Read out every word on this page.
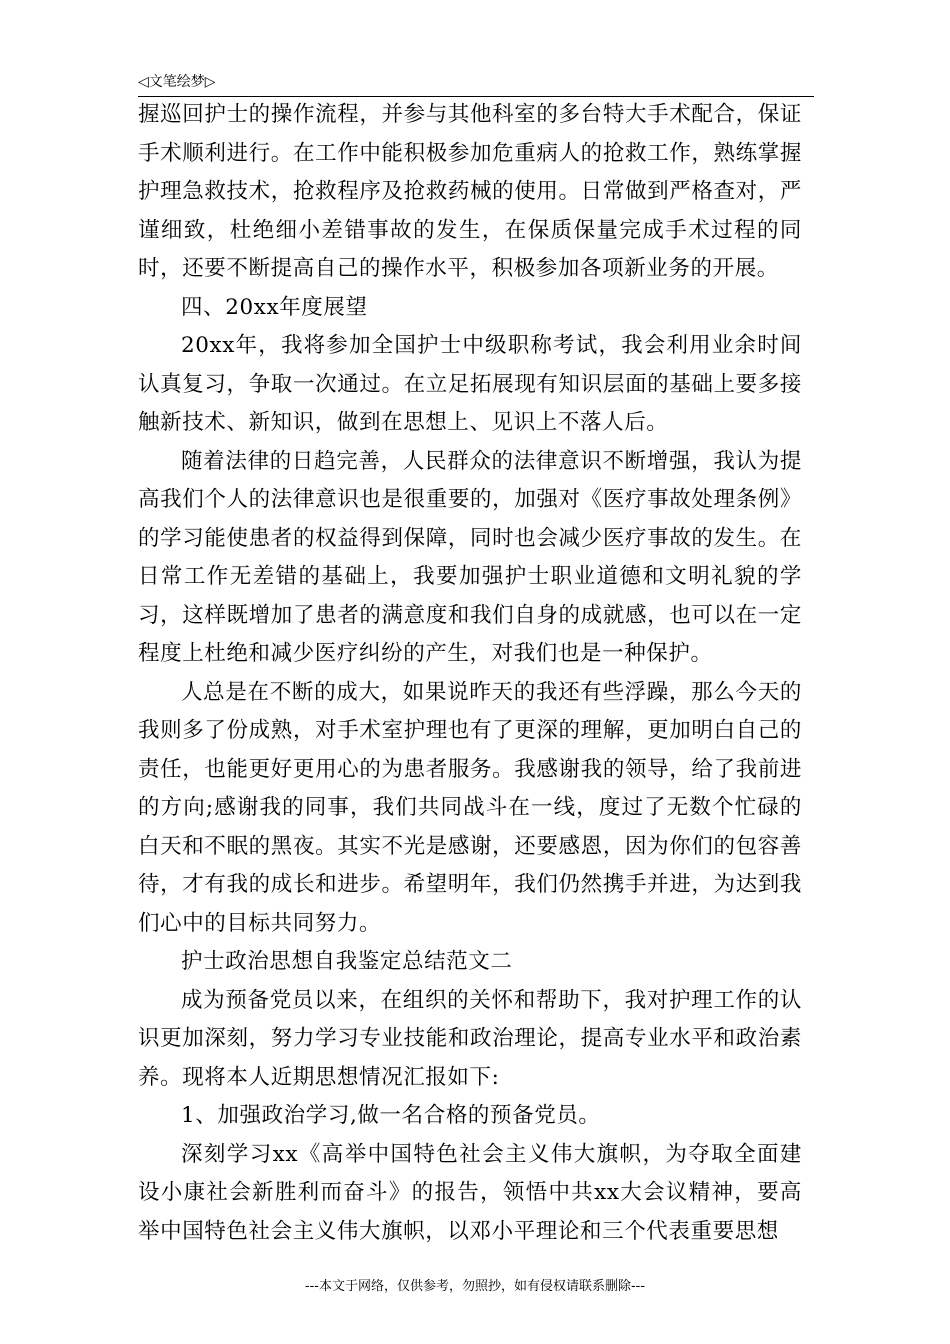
◁文笔绘梦▷

握巡回护士的操作流程，并参与其他科室的多台特大手术配合，保证手术顺利进行。在工作中能积极参加危重病人的抢救工作，熟练掌握护理急救技术，抢救程序及抢救药械的使用。日常做到严格查对，严谨细致，杜绝细小差错事故的发生，在保质保量完成手术过程的同时，还要不断提高自己的操作水平，积极参加各项新业务的开展。

四、20xx年度展望

20xx年，我将参加全国护士中级职称考试，我会利用业余时间认真复习，争取一次通过。在立足拓展现有知识层面的基础上要多接触新技术、新知识，做到在思想上、见识上不落人后。

随着法律的日趋完善，人民群众的法律意识不断增强，我认为提高我们个人的法律意识也是很重要的，加强对《医疗事故处理条例》的学习能使患者的权益得到保障，同时也会减少医疗事故的发生。在日常工作无差错的基础上，我要加强护士职业道德和文明礼貌的学习，这样既增加了患者的满意度和我们自身的成就感，也可以在一定程度上杜绝和减少医疗纠纷的产生，对我们也是一种保护。

人总是在不断的成大，如果说昨天的我还有些浮躁，那么今天的我则多了份成熟，对手术室护理也有了更深的理解，更加明白自己的责任，也能更好更用心的为患者服务。我感谢我的领导，给了我前进的方向;感谢我的同事，我们共同战斗在一线，度过了无数个忙碌的白天和不眠的黑夜。其实不光是感谢，还要感恩，因为你们的包容善待，才有我的成长和进步。希望明年，我们仍然携手并进，为达到我们心中的目标共同努力。

护士政治思想自我鉴定总结范文二

成为预备党员以来，在组织的关怀和帮助下，我对护理工作的认识更加深刻，努力学习专业技能和政治理论，提高专业水平和政治素养。现将本人近期思想情况汇报如下:

1、加强政治学习,做一名合格的预备党员。

深刻学习xx《高举中国特色社会主义伟大旗帜，为夺取全面建设小康社会新胜利而奋斗》的报告，领悟中共xx大会议精神，要高举中国特色社会主义伟大旗帜，以邓小平理论和三个代表重要思想

---本文于网络，仅供参考，勿照抄，如有侵权请联系删除---
